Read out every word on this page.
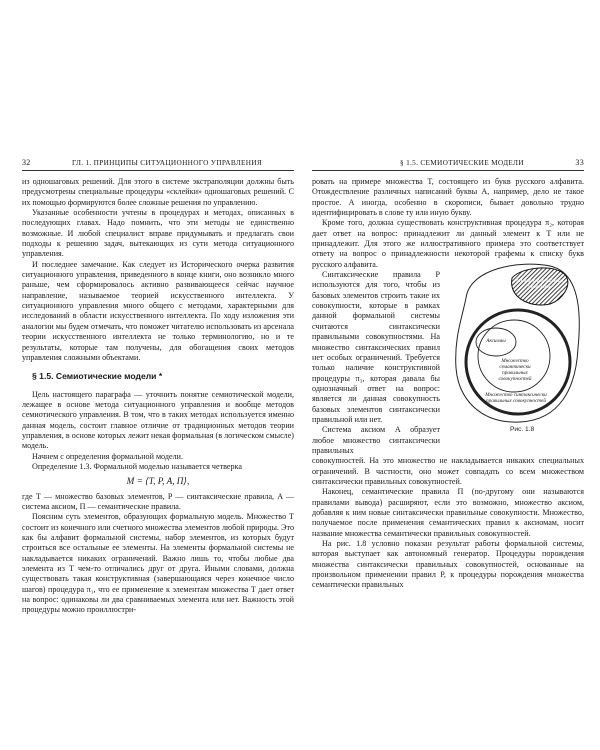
32	ГЛ. 1. ПРИНЦИПЫ СИТУАЦИОННОГО УПРАВЛЕНИЯ

из одношаговых решений. Для этого в системе экстраполяции должны быть предусмотрены специальные процедуры «склейки» одношаговых решений. С их помощью формируются более сложные решения по управлению.

Указанные особенности учтены в процедурах и методах, описанных в последующих главах. Надо помнить, что эти методы не единственно возможные. И любой специалист вправе придумывать и предлагать свои подходы к решению задач, вытекающих из сути метода ситуационного управления.

И последнее замечание. Как следует из Исторического очерка развития ситуационного управления, приведенного в конце книги, оно возникло много раньше, чем сформировалось активно развивающееся сейчас научное направление, называемое теорией искусственного интеллекта. У ситуационного управления много общего с методами, характерными для исследований в области искусственного интеллекта. По ходу изложения эти аналогии мы будем отмечать, что поможет читателю использовать из арсенала теории искусственного интеллекта не только терминологию, но и те результаты, которые там получены, для обогащения своих методов управления сложными объектами.

§ 1.5. Семиотические модели *

Цель настоящего параграфа — уточнить понятие семиотической модели, лежащее в основе метода ситуационного управления и вообще методов семиотического управления. В том, что в таких методах используется именно данная модель, состоит главное отличие от традиционных методов теории управления, в основе которых лежит некая формальная (в логическом смысле) модель.

Начнем с определения формальной модели.

Определение 1.3. Формальной моделью называется четверка

M = ⟨T, P, A, П⟩,

где T — множество базовых элементов, P — синтаксические правила, A — система аксиом, П — семантические правила.

Поясним суть элементов, образующих формальную модель. Множество T состоит из конечного или счетного множества элементов любой природы. Это как бы алфавит формальной системы, набор элементов, из которых будут строиться все остальные ее элементы. На элементы формальной системы не накладывается никаких ограничений. Важно лишь то, чтобы любые два элемента из T чем-то отличались друг от друга. Иными словами, должна существовать такая конструктивная (завершающаяся через конечное число шагов) процедура π₁, что ее применение к элементам множества T дает ответ на вопрос: одинаковы ли два сравниваемых элемента или нет. Важность этой процедуры можно проиллюстри-

§ 1.5. СЕМИОТИЧЕСКИЕ МОДЕЛИ	33

ровать на примере множества T, состоящего из букв русского алфавита. Отождествление различных написаний буквы A, например, дело не такое простое. А иногда, особенно в скорописи, бывает довольно трудно идентифицировать в слове ту или иную букву.

Кроме того, должна существовать конструктивная процедура π₂, которая дает ответ на вопрос: принадлежит ли данный элемент к T или не принадлежит. Для этого же иллюстративного примера это соответствует ответу на вопрос о принадлежности некоторой графемы к списку букв русского алфавита.

Синтаксические правила P используются для того, чтобы из базовых элементов строить такие их совокупности, которые в рамках данной формальной системы считаются синтаксически правильными совокупностями. На множество синтаксических правил нет особых ограничений. Требуется только наличие конструктивной процедуры π₃, которая давала бы однозначный ответ на вопрос: является ли данная совокупность базовых элементов синтаксически правильной или нет.

Система аксиом A образует любое множество синтаксически правильных

совокупностей. На это множество не накладывается никаких специальных ограничений. В частности, оно может совпадать со всем множеством синтаксически правильных совокупностей.

Наконец, семантические правила П (по-другому они называются правилами вывода) расширяют, если это возможно, множество аксиом, добавляя к ним новые синтаксически правильные совокупности. Множество, получаемое после применения семантических правил к аксиомам, носит название множества семантически правильных совокупностей.

На рис. 1.8 условно показан результат работы формальной системы, которая выступает как автономный генератор. Процедуры порождения множества синтаксически правильных совокупностей, основанные на произвольном применении правил P, к процедуры порождения множества семантически правильных

Множество базовых элементов
Аксиомы
Множество семантически правильных совокупностей
Множество синтаксически правильных совокупностей
Рис. 1.8
